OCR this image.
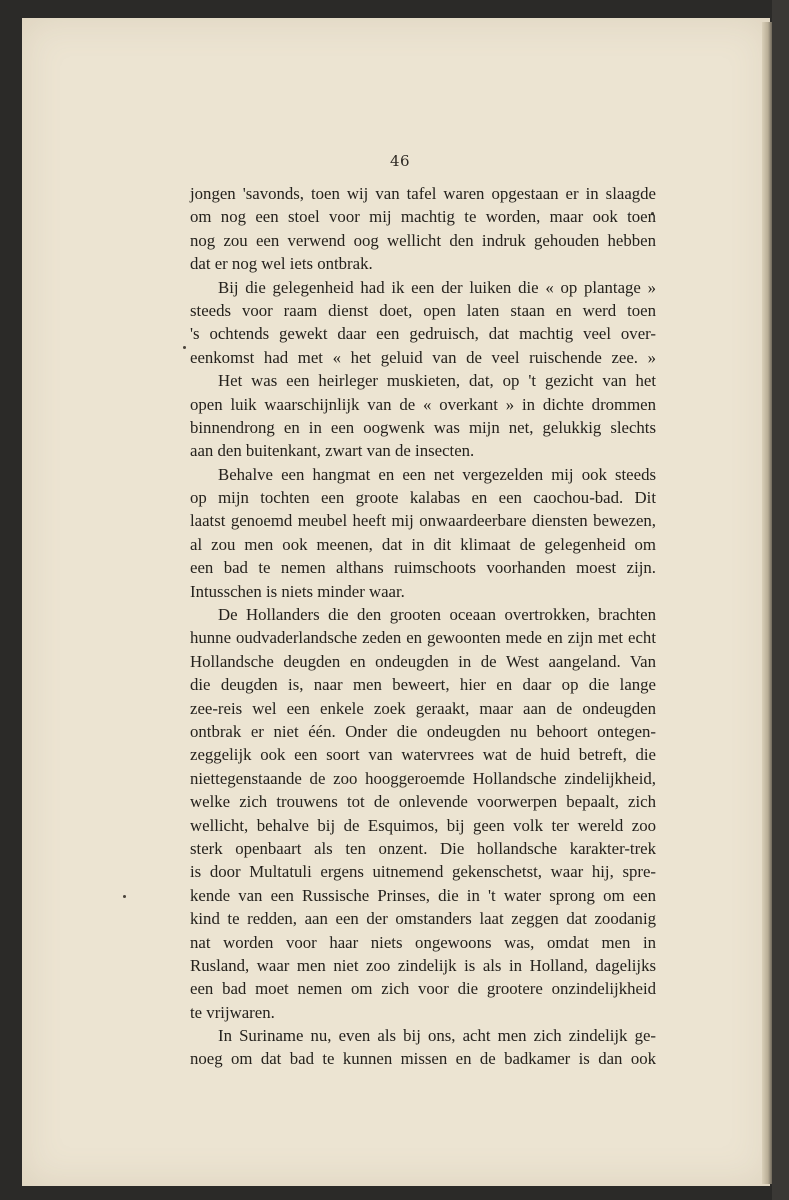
46
jongen 'savonds, toen wij van tafel waren opgestaan er in slaagde
om nog een stoel voor mij machtig te worden, maar ook toen
nog zou een verwend oog wellicht den indruk gehouden hebben
dat er nog wel iets ontbrak.
Bij die gelegenheid had ik een der luiken die « op plantage »
steeds voor raam dienst doet, open laten staan en werd toen
's ochtends gewekt daar een gedruisch, dat machtig veel over-
eenkomst had met « het geluid van de veel ruischende zee. »
Het was een heirleger muskieten, dat, op 't gezicht van het
open luik waarschijnlijk van de « overkant » in dichte drommen
binnendrong en in een oogwenk was mijn net, gelukkig slechts
aan den buitenkant, zwart van de insecten.
Behalve een hangmat en een net vergezelden mij ook steeds
op mijn tochten een groote kalabas en een caochou-bad. Dit
laatst genoemd meubel heeft mij onwaardeerbare diensten bewezen,
al zou men ook meenen, dat in dit klimaat de gelegenheid om
een bad te nemen althans ruimschoots voorhanden moest zijn.
Intusschen is niets minder waar.
De Hollanders die den grooten oceaan overtrokken, brachten
hunne oudvaderlandsche zeden en gewoonten mede en zijn met echt
Hollandsche deugden en ondeugden in de West aangeland. Van
die deugden is, naar men beweert, hier en daar op die lange
zee-reis wel een enkele zoek geraakt, maar aan de ondeugden
ontbrak er niet één. Onder die ondeugden nu behoort ontegen-
zeggelijk ook een soort van watervrees wat de huid betreft, die
niettegenstaande de zoo hooggeroemde Hollandsche zindelijkheid,
welke zich trouwens tot de onlevende voorwerpen bepaalt, zich
wellicht, behalve bij de Esquimos, bij geen volk ter wereld zoo
sterk openbaart als ten onzent. Die hollandsche karakter-trek
is door Multatuli ergens uitnemend gekenschetst, waar hij, spre-
kende van een Russische Prinses, die in 't water sprong om een
kind te redden, aan een der omstanders laat zeggen dat zoodanig
nat worden voor haar niets ongewoons was, omdat men in
Rusland, waar men niet zoo zindelijk is als in Holland, dagelijks
een bad moet nemen om zich voor die grootere onzindelijkheid
te vrijwaren.
In Suriname nu, even als bij ons, acht men zich zindelijk ge-
noeg om dat bad te kunnen missen en de badkamer is dan ook
